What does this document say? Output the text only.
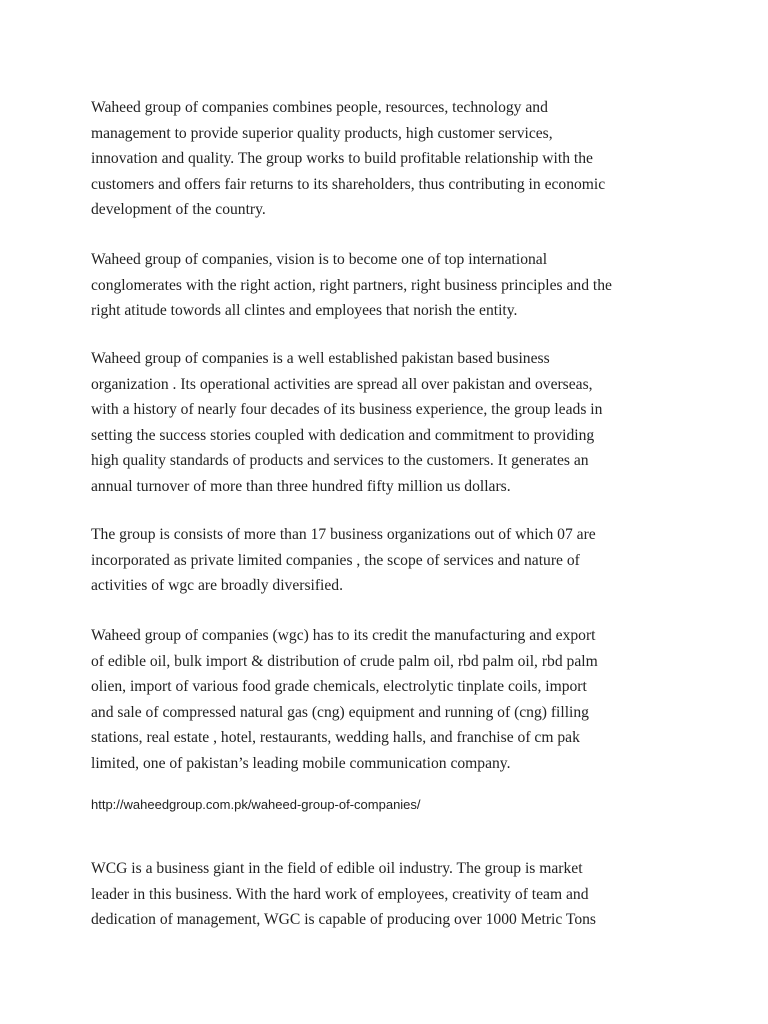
Waheed group of companies combines people, resources, technology and
management to provide superior quality products, high customer services,
innovation and quality. The group works to build profitable relationship with the
customers and offers fair returns to its shareholders, thus contributing in economic
development of the country.

Waheed group of companies, vision is to become one of top international
conglomerates with the right action, right partners, right business principles and the
right atitude towords all clintes and employees that norish the entity.

Waheed group of companies is a well established pakistan based business
organization . Its operational activities are spread all over pakistan and overseas,
with a history of nearly four decades of its business experience, the group leads in
setting the success stories coupled with dedication and commitment to providing
high quality standards of products and services to the customers. It generates an
annual turnover of more than three hundred fifty million us dollars.

The group is consists of more than 17 business organizations out of which 07 are
incorporated as private limited companies , the scope of services and nature of
activities of wgc are broadly diversified.

Waheed group of companies (wgc) has to its credit the manufacturing and export
of edible oil, bulk import & distribution of crude palm oil, rbd palm oil, rbd palm
olien, import of various food grade chemicals, electrolytic tinplate coils, import
and sale of compressed natural gas (cng) equipment and running of (cng) filling
stations, real estate , hotel, restaurants, wedding halls, and franchise of cm pak
limited, one of pakistan’s leading mobile communication company.

http://waheedgroup.com.pk/waheed-group-of-companies/

WCG is a business giant in the field of edible oil industry. The group is market
leader in this business. With the hard work of employees, creativity of team and
dedication of management, WGC is capable of producing over 1000 Metric Tons
